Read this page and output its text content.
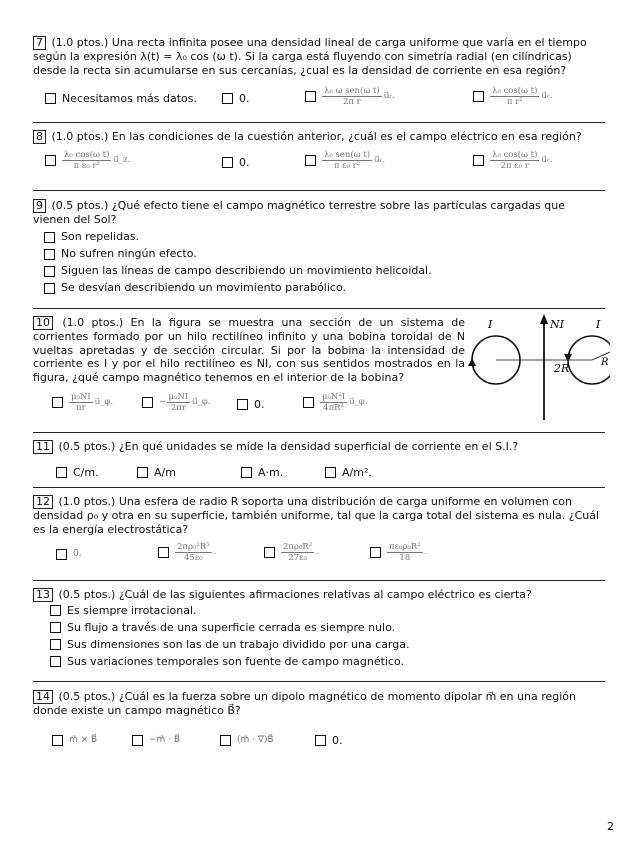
7 (1.0 ptos.) Una recta infinita posee una densidad lineal de carga uniforme que varía en el tiempo según la expresión λ(t) = λ₀ cos (ω t). Si la carga está fluyendo con simetría radial (en cilíndricas) desde la recta sin acumularse en sus cercanías, ¿cual es la densidad de corriente en esa región?
Necesitamos más datos.	0.	$\frac{\text{λ₀ ω sen(ω t)}}{\text{2π r}}$ u⃗ᵣ.	$\frac{\text{λ₀ cos(ω t)}}{\text{π r²}}$ u⃗ᵣ.
8 (1.0 ptos.) En las condiciones de la cuestión anterior, ¿cuál es el campo eléctrico en esa región?
$\frac{\text{λ₀ cos(ω t)}}{\text{π ε₀ r²}}$ u⃗_z.	0.	$\frac{\text{λ₀ sen(ω t)}}{\text{π ε₀ r²}}$ u⃗ᵣ.	$\frac{\text{λ₀ cos(ω t)}}{\text{2π ε₀ r}}$ u⃗ᵣ.
9 (0.5 ptos.) ¿Qué efecto tiene el campo magnético terrestre sobre las partículas cargadas que vienen del Sol?
Son repelidas.
No sufren ningún efecto.
Siguen las líneas de campo describiendo un movimiento helicoidal.
Se desvían describiendo un movimiento parabólico.
10 (1.0 ptos.) En la figura se muestra una sección de un sistema de corrientes formado por un hilo rectilíneo infinito y una bobina toroidal de N vueltas apretadas y de sección circular. Si por la bobina la intensidad de corriente es I y por el hilo rectilíneo es NI, con sus sentidos mostrados en la figura, ¿qué campo magnético tenemos en el interior de la bobina?
I	NI	I
2R	R
$\frac{\text{μ₀NI}}{\pi r}$ u⃗_φ.	− $\frac{\text{μ₀NI}}{2\pi r}$ u⃗_φ.	0.	$\frac{\text{μ₀N²I}}{\text{4πR²}}$ u⃗_φ.
11 (0.5 ptos.) ¿En qué unidades se mide la densidad superficial de corriente en el S.I.?
C/m.	A/m	A·m.	A/m².
12 (1.0 ptos.) Una esfera de radio R soporta una distribución de carga uniforme en volumen con densidad ρ₀ y otra en su superficie, también uniforme, tal que la carga total del sistema es nula. ¿Cuál es la energía electrostática?
0.	$\frac{\text{2πρ₀²R⁵}}{\text{45ε₀}}$ .	$\frac{\text{2πρ₀R²}}{\text{27ε₀}}$ .	$\frac{\text{πε₀ρ₀R²}}{18}$ .
13 (0.5 ptos.) ¿Cuál de las siguientes afirmaciones relativas al campo eléctrico es cierta?
Es siempre irrotacional.
Su flujo a través de una superficie cerrada es siempre nulo.
Sus dimensiones son las de un trabajo dividido por una carga.
Sus variaciones temporales son fuente de campo magnético.
14 (0.5 ptos.) ¿Cuál es la fuerza sobre un dipolo magnético de momento dipolar m⃗ en una región donde existe un campo magnético B⃗?
m⃗ × B⃗	−m⃗ · B⃗	(m⃗ · ∇⃗)B⃗	0.
2
